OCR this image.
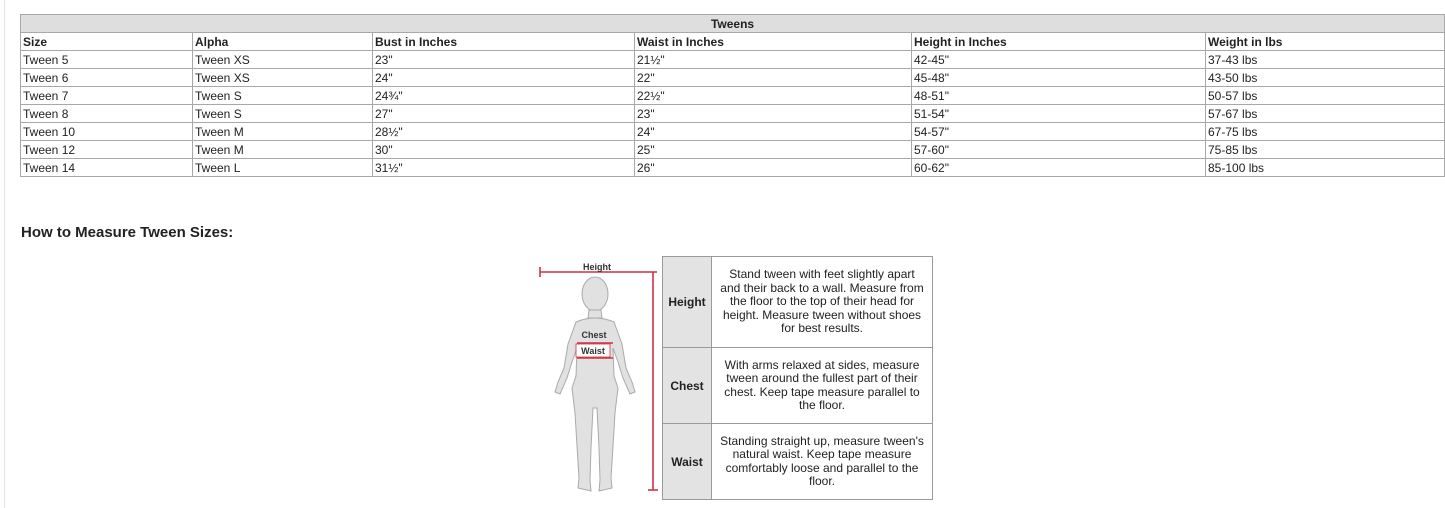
Tweens					
Size	Alpha	Bust in Inches	Waist in Inches	Height in Inches	Weight in lbs
Tween 5	Tween XS	23"	21½"	42-45"	37-43 lbs
Tween 6	Tween XS	24"	22"	45-48"	43-50 lbs
Tween 7	Tween S	24¾"	22½"	48-51"	50-57 lbs
Tween 8	Tween S	27"	23"	51-54"	57-67 lbs
Tween 10	Tween M	28½"	24"	54-57"	67-75 lbs
Tween 12	Tween M	30"	25"	57-60"	75-85 lbs
Tween 14	Tween L	31½"	26"	60-62"	85-100 lbs
How to Measure Tween Sizes:
Height
Chest
Waist
Height	Stand tween with feet slightly apart and their back to a wall. Measure from the floor to the top of their head for height. Measure tween without shoes for best results.
Chest	With arms relaxed at sides, measure tween around the fullest part of their chest. Keep tape measure parallel to the floor.
Waist	Standing straight up, measure tween's natural waist. Keep tape measure comfortably loose and parallel to the floor.
